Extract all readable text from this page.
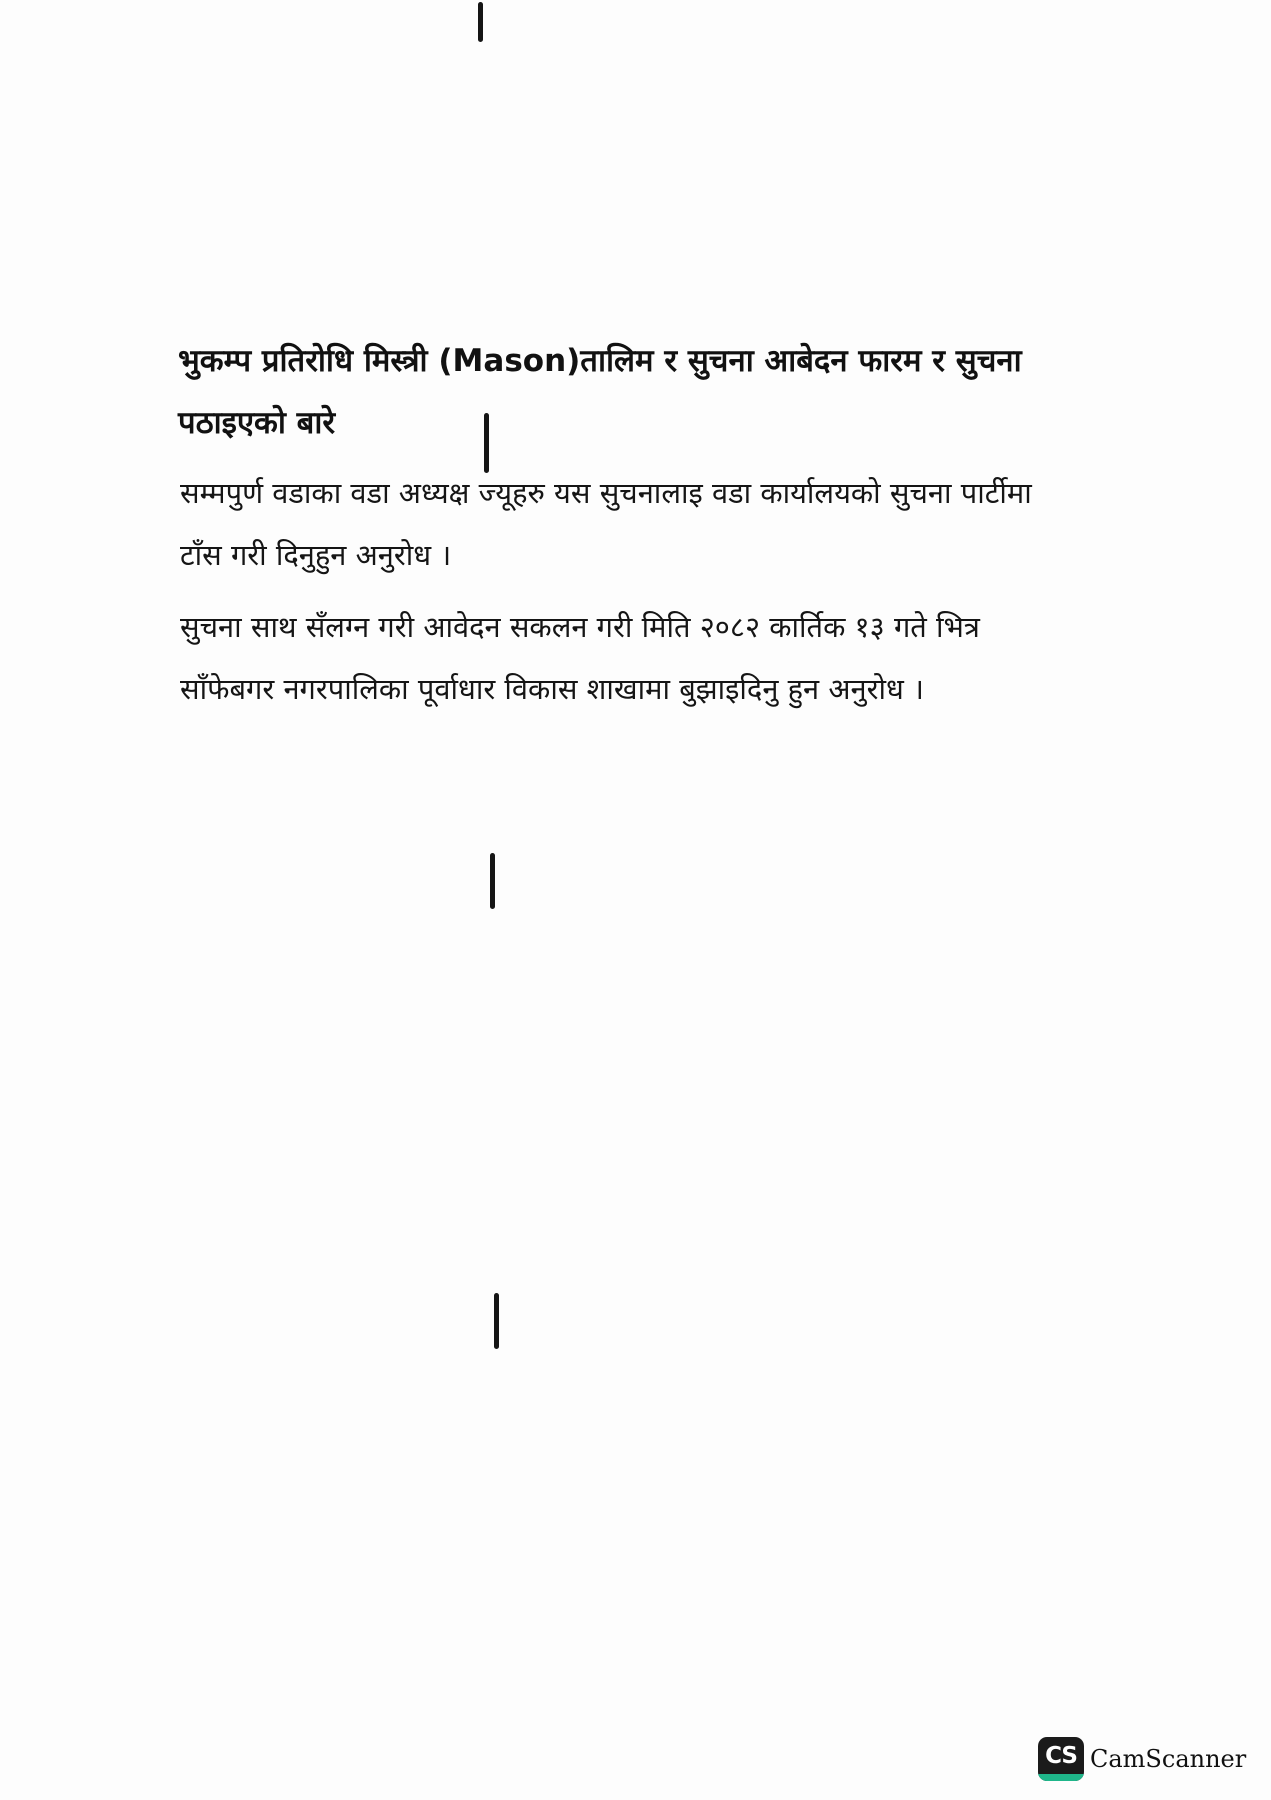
भुकम्प प्रतिरोधि मिस्त्री (Mason)तालिम र सुचना आबेदन फारम र सुचना
पठाइएको बारे
सम्मपुर्ण वडाका वडा अध्यक्ष ज्यूहरु यस सुचनालाइ वडा कार्यालयको सुचना पार्टीमा
टाँस गरी दिनुहुन अनुरोध ।
सुचना साथ सँलग्न गरी आवेदन सकलन गरी मिति २०८२ कार्तिक १३ गते भित्र
साँफेबगर नगरपालिका पूर्वाधार विकास शाखामा बुझाइदिनु हुन अनुरोध ।
CS CamScanner
